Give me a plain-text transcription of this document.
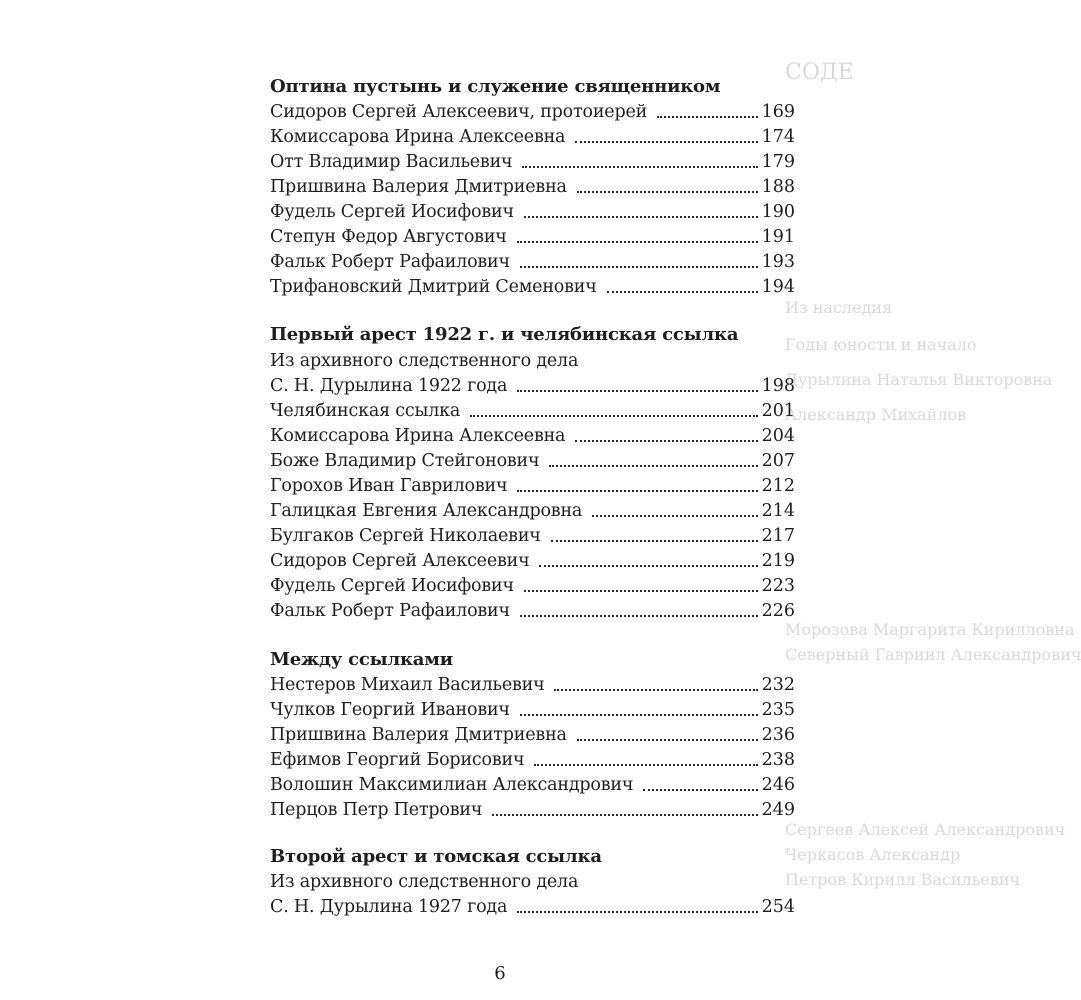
СОДЕ
Из наследия
Годы юности и начало
Дурылина Наталья Викторовна
Александр Михайлов
Морозова Маргарита Кирилловна
Северный Гавриил Александрович
Сергеев Алексей Александрович
Черкасов Александр
Петров Кирилл Васильевич
Оптина пустынь и служение священником
Сидоров Сергей Алексеевич, протоиерей	169
Комиссарова Ирина Алексеевна	174
Отт Владимир Васильевич	179
Пришвина Валерия Дмитриевна	188
Фудель Сергей Иосифович	190
Степун Федор Августович	191
Фальк Роберт Рафаилович	193
Трифановский Дмитрий Семенович	194
Первый арест 1922 г. и челябинская ссылка
Из архивного следственного дела
С. Н. Дурылина 1922 года	198
Челябинская ссылка	201
Комиссарова Ирина Алексеевна	204
Боже Владимир Стейгонович	207
Горохов Иван Гаврилович	212
Галицкая Евгения Александровна	214
Булгаков Сергей Николаевич	217
Сидоров Сергей Алексеевич	219
Фудель Сергей Иосифович	223
Фальк Роберт Рафаилович	226
Между ссылками
Нестеров Михаил Васильевич	232
Чулков Георгий Иванович	235
Пришвина Валерия Дмитриевна	236
Ефимов Георгий Борисович	238
Волошин Максимилиан Александрович	246
Перцов Петр Петрович	249
Второй арест и томская ссылка
Из архивного следственного дела
С. Н. Дурылина 1927 года	254
6
